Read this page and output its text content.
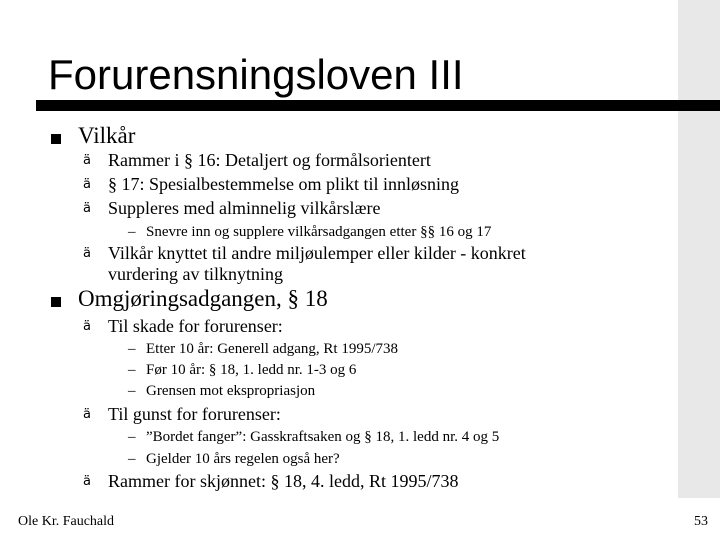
Forurensningsloven III
Vilkår
ä Rammer i § 16: Detaljert og formålsorientert
ä § 17: Spesialbestemmelse om plikt til innløsning
ä Suppleres med alminnelig vilkårslære
– Snevre inn og supplere vilkårsadgangen etter §§ 16 og 17
ä Vilkår knyttet til andre miljøulemper eller kilder - konkret
vurdering av tilknytning
Omgjøringsadgangen, § 18
ä Til skade for forurenser:
– Etter 10 år: Generell adgang, Rt 1995/738
– Før 10 år: § 18, 1. ledd nr. 1-3 og 6
– Grensen mot ekspropriasjon
ä Til gunst for forurenser:
– ”Bordet fanger”: Gasskraftsaken og § 18, 1. ledd nr. 4 og 5
– Gjelder 10 års regelen også her?
ä Rammer for skjønnet: § 18, 4. ledd, Rt 1995/738
Ole Kr. Fauchald	53
